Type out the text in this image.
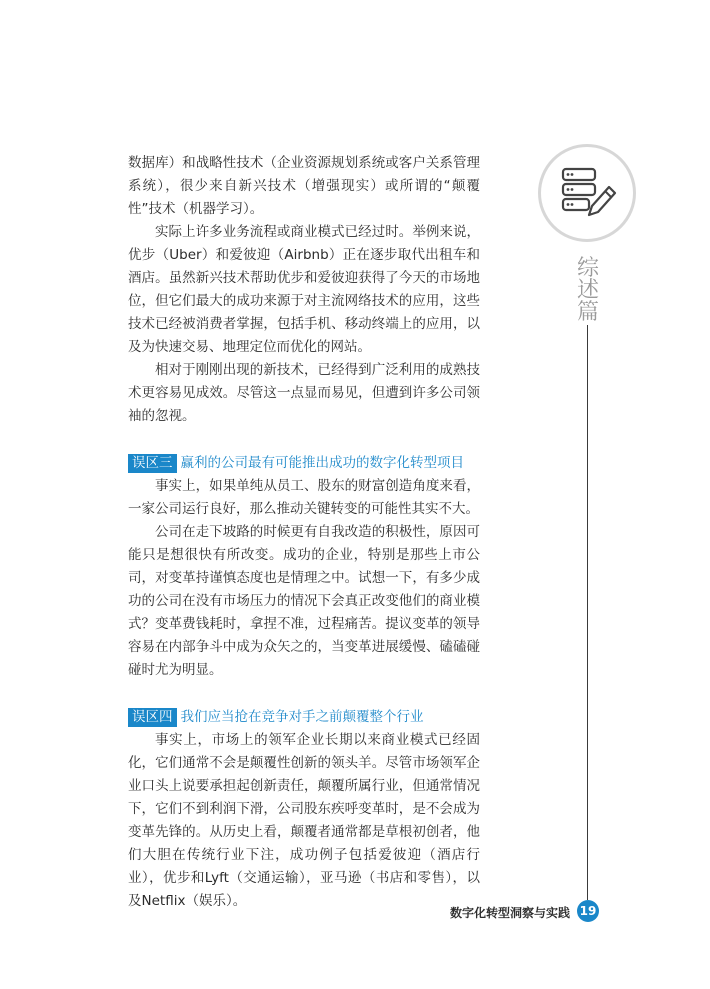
数据库）和战略性技术（企业资源规划系统或客户关系管理系统），很少来自新兴技术（增强现实）或所谓的“颠覆性”技术（机器学习）。

实际上许多业务流程或商业模式已经过时。举例来说，优步（Uber）和爱彼迎（Airbnb）正在逐步取代出租车和酒店。虽然新兴技术帮助优步和爱彼迎获得了今天的市场地位，但它们最大的成功来源于对主流网络技术的应用，这些技术已经被消费者掌握，包括手机、移动终端上的应用，以及为快速交易、地理定位而优化的网站。

相对于刚刚出现的新技术，已经得到广泛利用的成熟技术更容易见成效。尽管这一点显而易见，但遭到许多公司领袖的忽视。

误区三 赢利的公司最有可能推出成功的数字化转型项目

事实上，如果单纯从员工、股东的财富创造角度来看，一家公司运行良好，那么推动关键转变的可能性其实不大。

公司在走下坡路的时候更有自我改造的积极性，原因可能只是想很快有所改变。成功的企业，特别是那些上市公司，对变革持谨慎态度也是情理之中。试想一下，有多少成功的公司在没有市场压力的情况下会真正改变他们的商业模式？变革费钱耗时，拿捏不准，过程痛苦。提议变革的领导容易在内部争斗中成为众矢之的，当变革进展缓慢、磕磕碰碰时尤为明显。

误区四 我们应当抢在竞争对手之前颠覆整个行业

事实上，市场上的领军企业长期以来商业模式已经固化，它们通常不会是颠覆性创新的领头羊。尽管市场领军企业口头上说要承担起创新责任，颠覆所属行业，但通常情况下，它们不到利润下滑，公司股东疾呼变革时，是不会成为变革先锋的。从历史上看，颠覆者通常都是草根初创者，他们大胆在传统行业下注，成功例子包括爱彼迎（酒店行业），优步和Lyft（交通运输），亚马逊（书店和零售），以及Netflix（娱乐）。

综述篇
数字化转型洞察与实践 19
